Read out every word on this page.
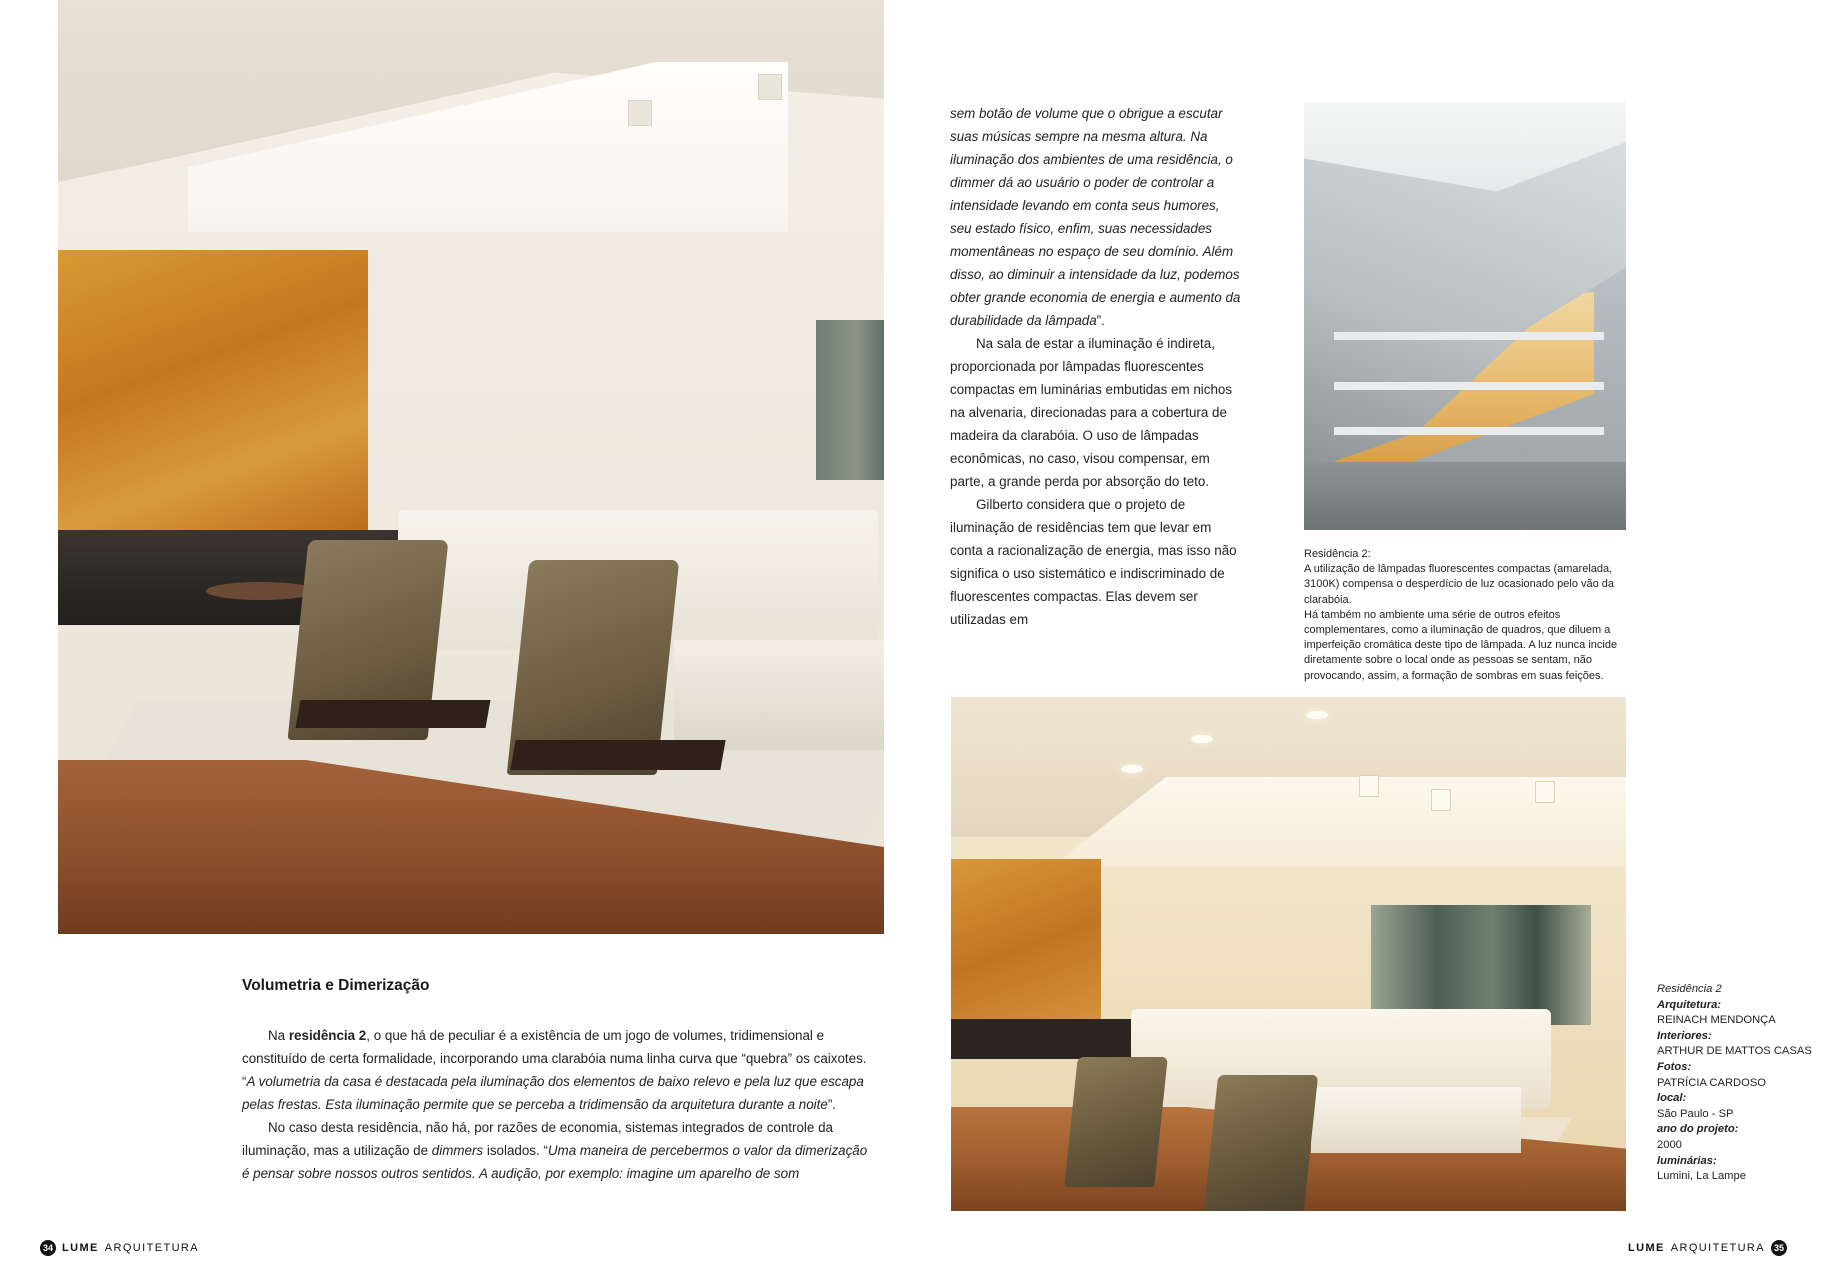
sem botão de volume que o obrigue a escutar suas músicas sempre na mesma altura. Na iluminação dos ambientes de uma residência, o dimmer dá ao usuário o poder de controlar a intensidade levando em conta seus humores, seu estado físico, enfim, suas necessidades momentâneas no espaço de seu domínio. Além disso, ao diminuir a intensidade da luz, podemos obter grande economia de energia e aumento da durabilidade da lâmpada”.

Na sala de estar a iluminação é indireta, proporcionada por lâmpadas fluorescentes compactas em luminárias embutidas em nichos na alvenaria, direcionadas para a cobertura de madeira da clarabóia. O uso de lâmpadas econômicas, no caso, visou compensar, em parte, a grande perda por absorção do teto.

Gilberto considera que o projeto de iluminação de residências tem que levar em conta a racionalização de energia, mas isso não significa o uso sistemático e indiscriminado de fluorescentes compactas. Elas devem ser utilizadas em

Residência 2:

A utilização de lâmpadas fluorescentes compactas (amarelada, 3100K) compensa o desperdício de luz ocasionado pelo vão da clarabóia.

Há também no ambiente uma série de outros efeitos complementares, como a iluminação de quadros, que diluem a imperfeição cromática deste tipo de lâmpada. A luz nunca incide diretamente sobre o local onde as pessoas se sentam, não provocando, assim, a formação de sombras em suas feições.

Residência 2
Arquitetura:
REINACH MENDONÇA
Interiores:
ARTHUR DE MATTOS CASAS
Fotos:
PATRÍCIA CARDOSO
local:
São Paulo - SP
ano do projeto:
2000
luminárias:
Lumini, La Lampe
Volumetria e Dimerização

Na residência 2, o que há de peculiar é a existência de um jogo de volumes, tridimensional e constituído de certa formalidade, incorporando uma clarabóia numa linha curva que “quebra” os caixotes. “A volumetria da casa é destacada pela iluminação dos elementos de baixo relevo e pela luz que escapa pelas frestas. Esta iluminação permite que se perceba a tridimensão da arquitetura durante a noite”.

No caso desta residência, não há, por razões de economia, sistemas integrados de controle da iluminação, mas a utilização de dimmers isolados. “Uma maneira de percebermos o valor da dimerização é pensar sobre nossos outros sentidos. A audição, por exemplo: imagine um aparelho de som

34 LUME ARQUITETURA	LUME ARQUITETURA 35
